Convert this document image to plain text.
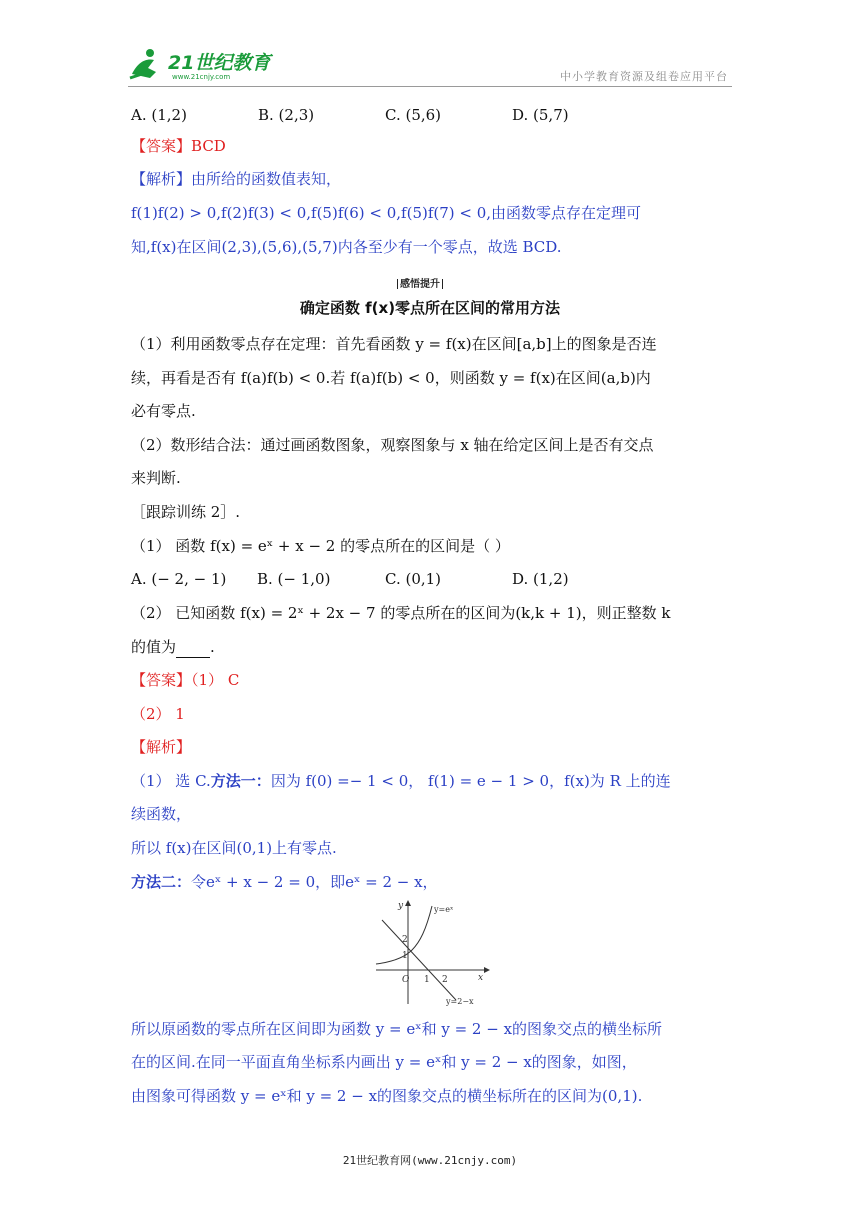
21世纪教育
www.21cnjy.com	中小学教育资源及组卷应用平台
A. (1,2)	B. (2,3)	C. (5,6)	D. (5,7)
【答案】BCD
【解析】由所给的函数值表知，
f(1)f(2) > 0,f(2)f(3) < 0,f(5)f(6) < 0,f(5)f(7) < 0,由函数零点存在定理可
知,f(x)在区间(2,3),(5,6),(5,7)内各至少有一个零点，故选 BCD.
感悟提升
确定函数 f(x)零点所在区间的常用方法
（1）利用函数零点存在定理：首先看函数 y = f(x)在区间[a,b]上的图象是否连
续，再看是否有 f(a)f(b) < 0.若 f(a)f(b) < 0，则函数 y = f(x)在区间(a,b)内
必有零点.
（2）数形结合法：通过画函数图象，观察图象与 x 轴在给定区间上是否有交点
来判断.
［跟踪训练 2］.
（1） 函数 f(x) = eˣ + x − 2 的零点所在的区间是（ ）
A. (− 2, − 1) B. (− 1,0)	C. (0,1)	D. (1,2)
（2） 已知函数 f(x) = 2ˣ + 2x − 7 的零点所在的区间为(k,k + 1)，则正整数 k
的值为 .
【答案】（1） C
（2） 1
【解析】
（1） 选 C.方法一：因为 f(0) =− 1 < 0， f(1) = e − 1 > 0，f(x)为 R 上的连
续函数，
所以 f(x)在区间(0,1)上有零点.
方法二：令eˣ + x − 2 = 0，即eˣ = 2 − x，
y
x
O
2
1
1 2
y=eˣ
y=2−x
所以原函数的零点所在区间即为函数 y = eˣ和 y = 2 − x的图象交点的横坐标所
在的区间.在同一平面直角坐标系内画出 y = eˣ和 y = 2 − x的图象，如图，
由图象可得函数 y = eˣ和 y = 2 − x的图象交点的横坐标所在的区间为(0,1).
21世纪教育网(www.21cnjy.com)
